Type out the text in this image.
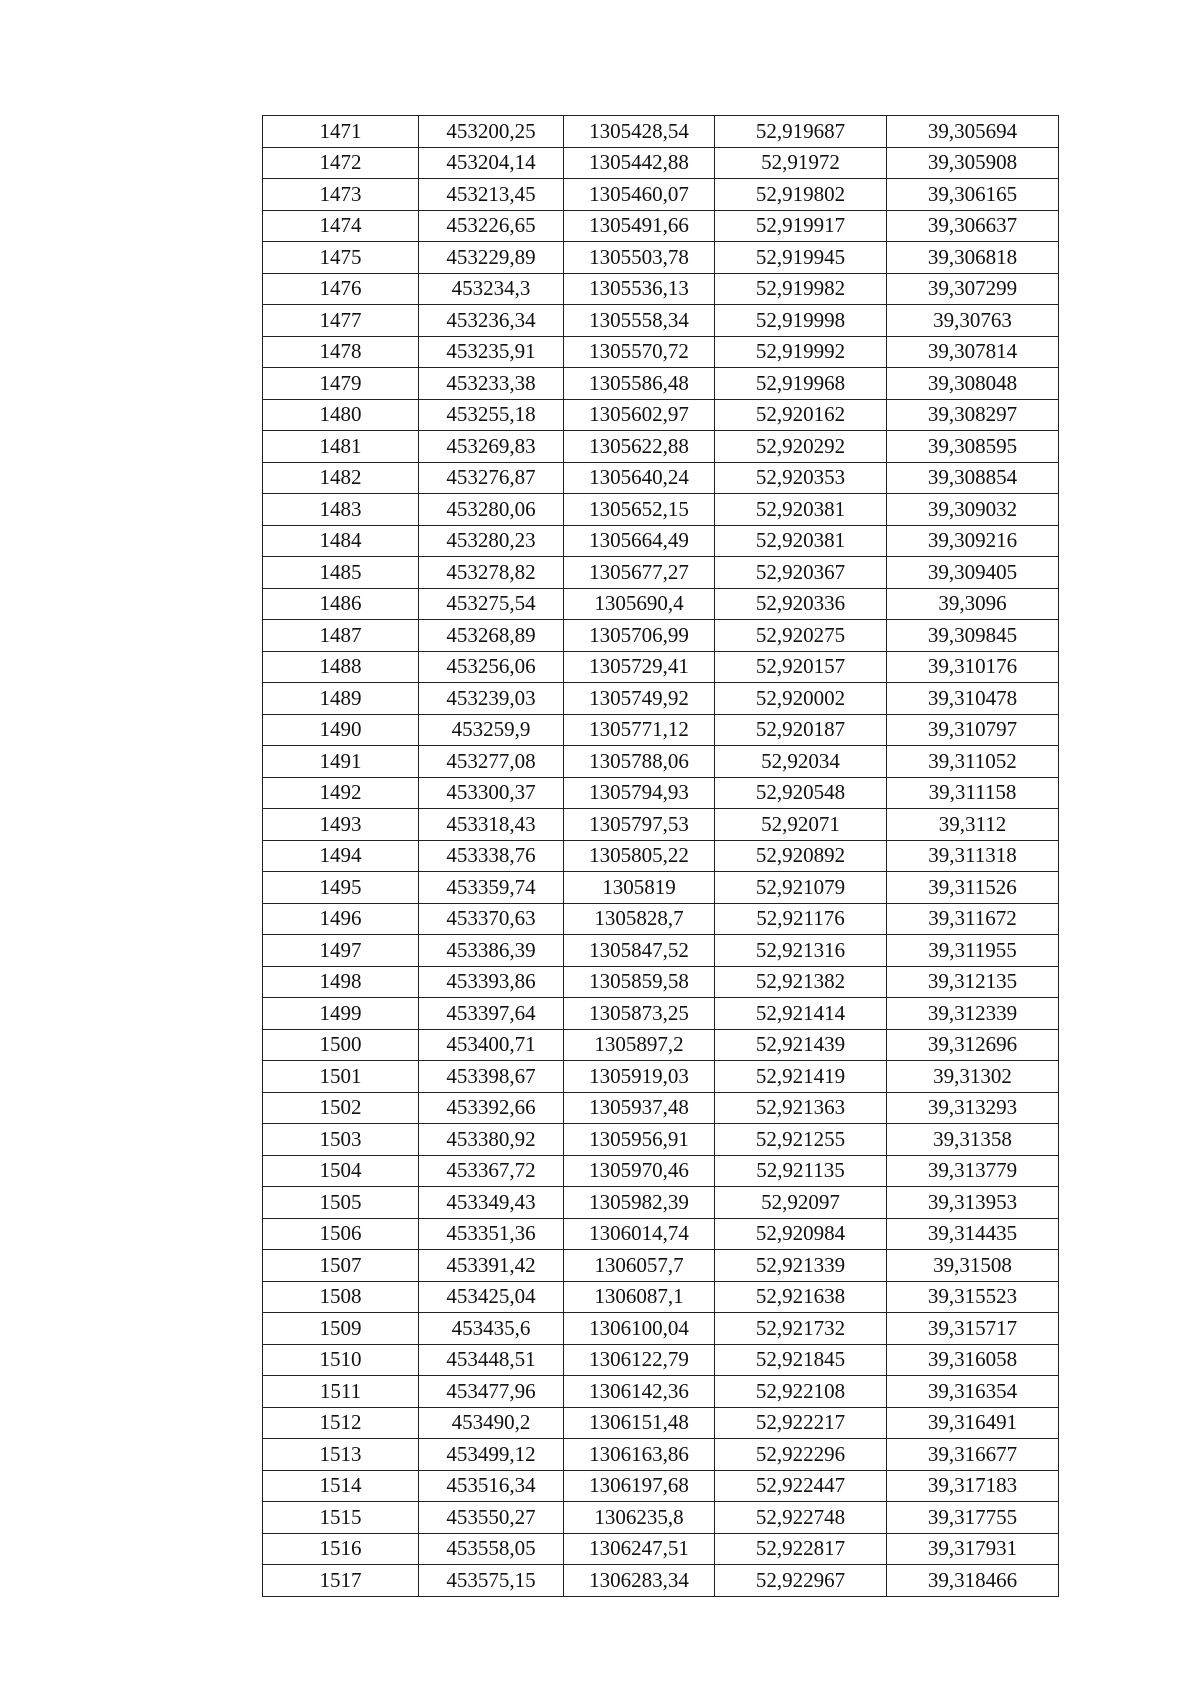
1471	453200,25	1305428,54	52,919687	39,305694
1472	453204,14	1305442,88	52,91972	39,305908
1473	453213,45	1305460,07	52,919802	39,306165
1474	453226,65	1305491,66	52,919917	39,306637
1475	453229,89	1305503,78	52,919945	39,306818
1476	453234,3	1305536,13	52,919982	39,307299
1477	453236,34	1305558,34	52,919998	39,30763
1478	453235,91	1305570,72	52,919992	39,307814
1479	453233,38	1305586,48	52,919968	39,308048
1480	453255,18	1305602,97	52,920162	39,308297
1481	453269,83	1305622,88	52,920292	39,308595
1482	453276,87	1305640,24	52,920353	39,308854
1483	453280,06	1305652,15	52,920381	39,309032
1484	453280,23	1305664,49	52,920381	39,309216
1485	453278,82	1305677,27	52,920367	39,309405
1486	453275,54	1305690,4	52,920336	39,3096
1487	453268,89	1305706,99	52,920275	39,309845
1488	453256,06	1305729,41	52,920157	39,310176
1489	453239,03	1305749,92	52,920002	39,310478
1490	453259,9	1305771,12	52,920187	39,310797
1491	453277,08	1305788,06	52,92034	39,311052
1492	453300,37	1305794,93	52,920548	39,311158
1493	453318,43	1305797,53	52,92071	39,3112
1494	453338,76	1305805,22	52,920892	39,311318
1495	453359,74	1305819	52,921079	39,311526
1496	453370,63	1305828,7	52,921176	39,311672
1497	453386,39	1305847,52	52,921316	39,311955
1498	453393,86	1305859,58	52,921382	39,312135
1499	453397,64	1305873,25	52,921414	39,312339
1500	453400,71	1305897,2	52,921439	39,312696
1501	453398,67	1305919,03	52,921419	39,31302
1502	453392,66	1305937,48	52,921363	39,313293
1503	453380,92	1305956,91	52,921255	39,31358
1504	453367,72	1305970,46	52,921135	39,313779
1505	453349,43	1305982,39	52,92097	39,313953
1506	453351,36	1306014,74	52,920984	39,314435
1507	453391,42	1306057,7	52,921339	39,31508
1508	453425,04	1306087,1	52,921638	39,315523
1509	453435,6	1306100,04	52,921732	39,315717
1510	453448,51	1306122,79	52,921845	39,316058
1511	453477,96	1306142,36	52,922108	39,316354
1512	453490,2	1306151,48	52,922217	39,316491
1513	453499,12	1306163,86	52,922296	39,316677
1514	453516,34	1306197,68	52,922447	39,317183
1515	453550,27	1306235,8	52,922748	39,317755
1516	453558,05	1306247,51	52,922817	39,317931
1517	453575,15	1306283,34	52,922967	39,318466
